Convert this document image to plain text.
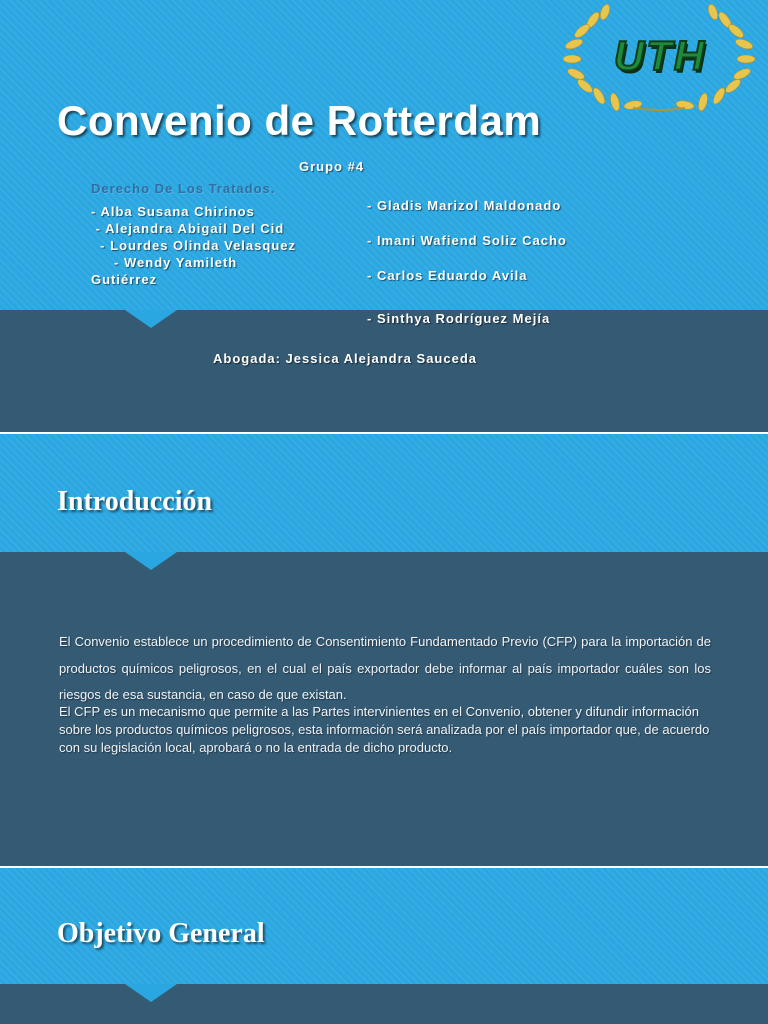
UTH
Convenio de Rotterdam
Grupo #4
Derecho De Los Tratados.
- Alba Susana Chirinos
- Alejandra Abigail Del Cid
- Lourdes Olinda Velasquez
- Wendy Yamileth
Gutiérrez
- Gladis Marizol Maldonado
- Imani Wafiend Soliz Cacho
- Carlos Eduardo Avila
- Sinthya Rodríguez Mejía
Abogada: Jessica Alejandra Sauceda
Introducción

El Convenio establece un procedimiento de Consentimiento Fundamentado Previo (CFP) para la importación de productos químicos peligrosos, en el cual el país exportador debe informar al país importador cuáles son los riesgos de esa sustancia, en caso de que existan.

El CFP es un mecanismo que permite a las Partes intervinientes en el Convenio, obtener y difundir información sobre los productos químicos peligrosos, esta información será analizada por el país importador que, de acuerdo con su legislación local, aprobará o no la entrada de dicho producto.

Objetivo General
